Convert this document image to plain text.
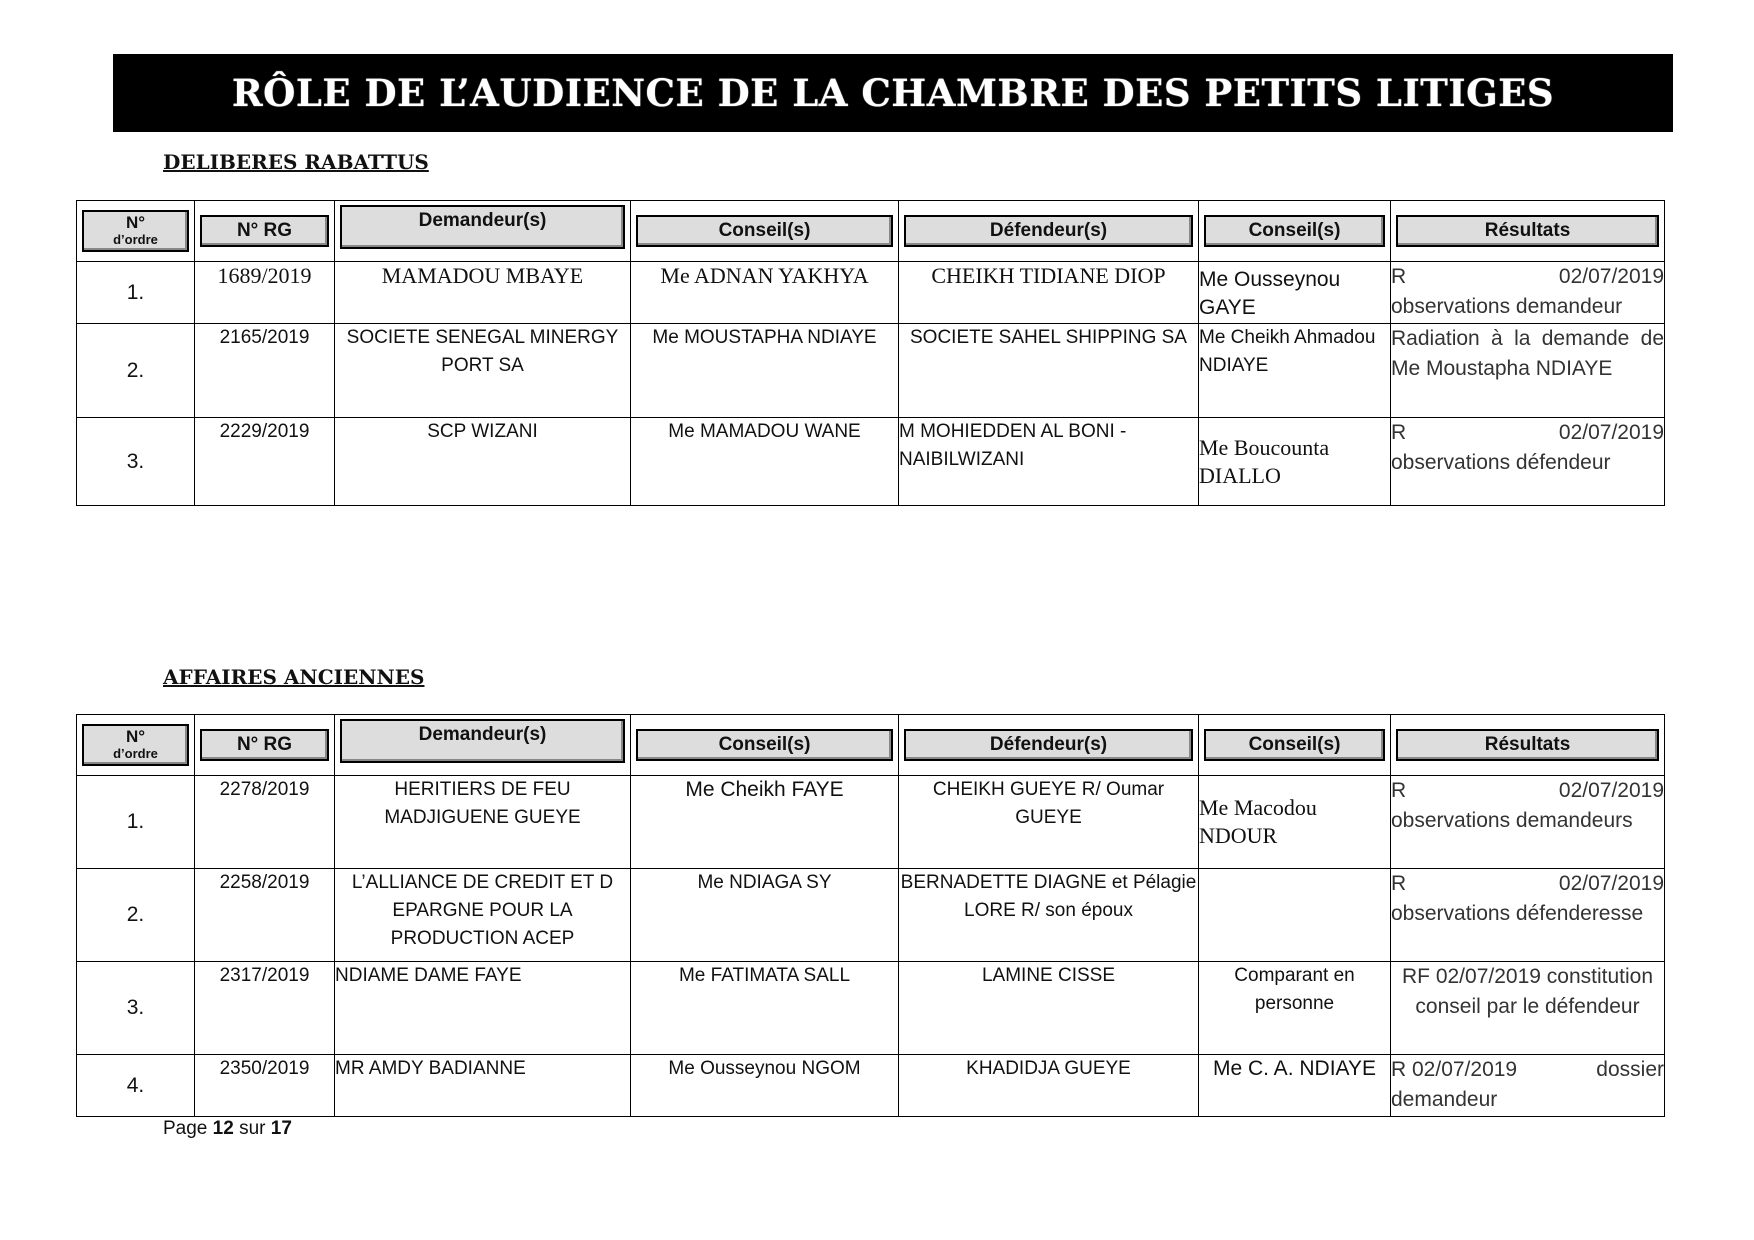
RÔLE DE L’AUDIENCE DE LA CHAMBRE DES PETITS LITIGES
DELIBERES RABATTUS
N°
d’ordre	N° RG	Demandeur(s)	Conseil(s)	Défendeur(s)	Conseil(s)	Résultats

1.	1689/2019	MAMADOU MBAYE	Me ADNAN YAKHYA	CHEIKH TIDIANE DIOP	Me Ousseynou GAYE	R 02/07/2019
observations demandeur

2.	2165/2019	SOCIETE SENEGAL MINERGY PORT SA	Me MOUSTAPHA NDIAYE	SOCIETE SAHEL SHIPPING SA	Me Cheikh Ahmadou NDIAYE	Radiation à la demande de Me Moustapha NDIAYE
3.	2229/2019	SCP WIZANI	Me MAMADOU WANE	M MOHIEDDEN AL BONI - NAIBILWIZANI	Me Boucounta DIALLO	R 02/07/2019
observations défendeur
AFFAIRES ANCIENNES
N°
d’ordre	N° RG	Demandeur(s)	Conseil(s)	Défendeur(s)	Conseil(s)	Résultats

1.	2278/2019	HERITIERS DE FEU MADJIGUENE GUEYE	Me Cheikh FAYE	CHEIKH GUEYE R/ Oumar GUEYE	Me Macodou NDOUR	R 02/07/2019
observations demandeurs

2.	2258/2019	L’ALLIANCE DE CREDIT ET D EPARGNE POUR LA PRODUCTION ACEP	Me NDIAGA SY	BERNADETTE DIAGNE et Pélagie LORE R/ son époux		R 02/07/2019
observations défenderesse

3.	2317/2019	NDIAME DAME FAYE	Me FATIMATA SALL	LAMINE CISSE	Comparant en personne	RF 02/07/2019 constitution conseil par le défendeur
4.	2350/2019	MR AMDY BADIANNE	Me Ousseynou NGOM	KHADIDJA GUEYE	Me C. A. NDIAYE	R 02/07/2019 dossier
demandeur
Page 12 sur 17
